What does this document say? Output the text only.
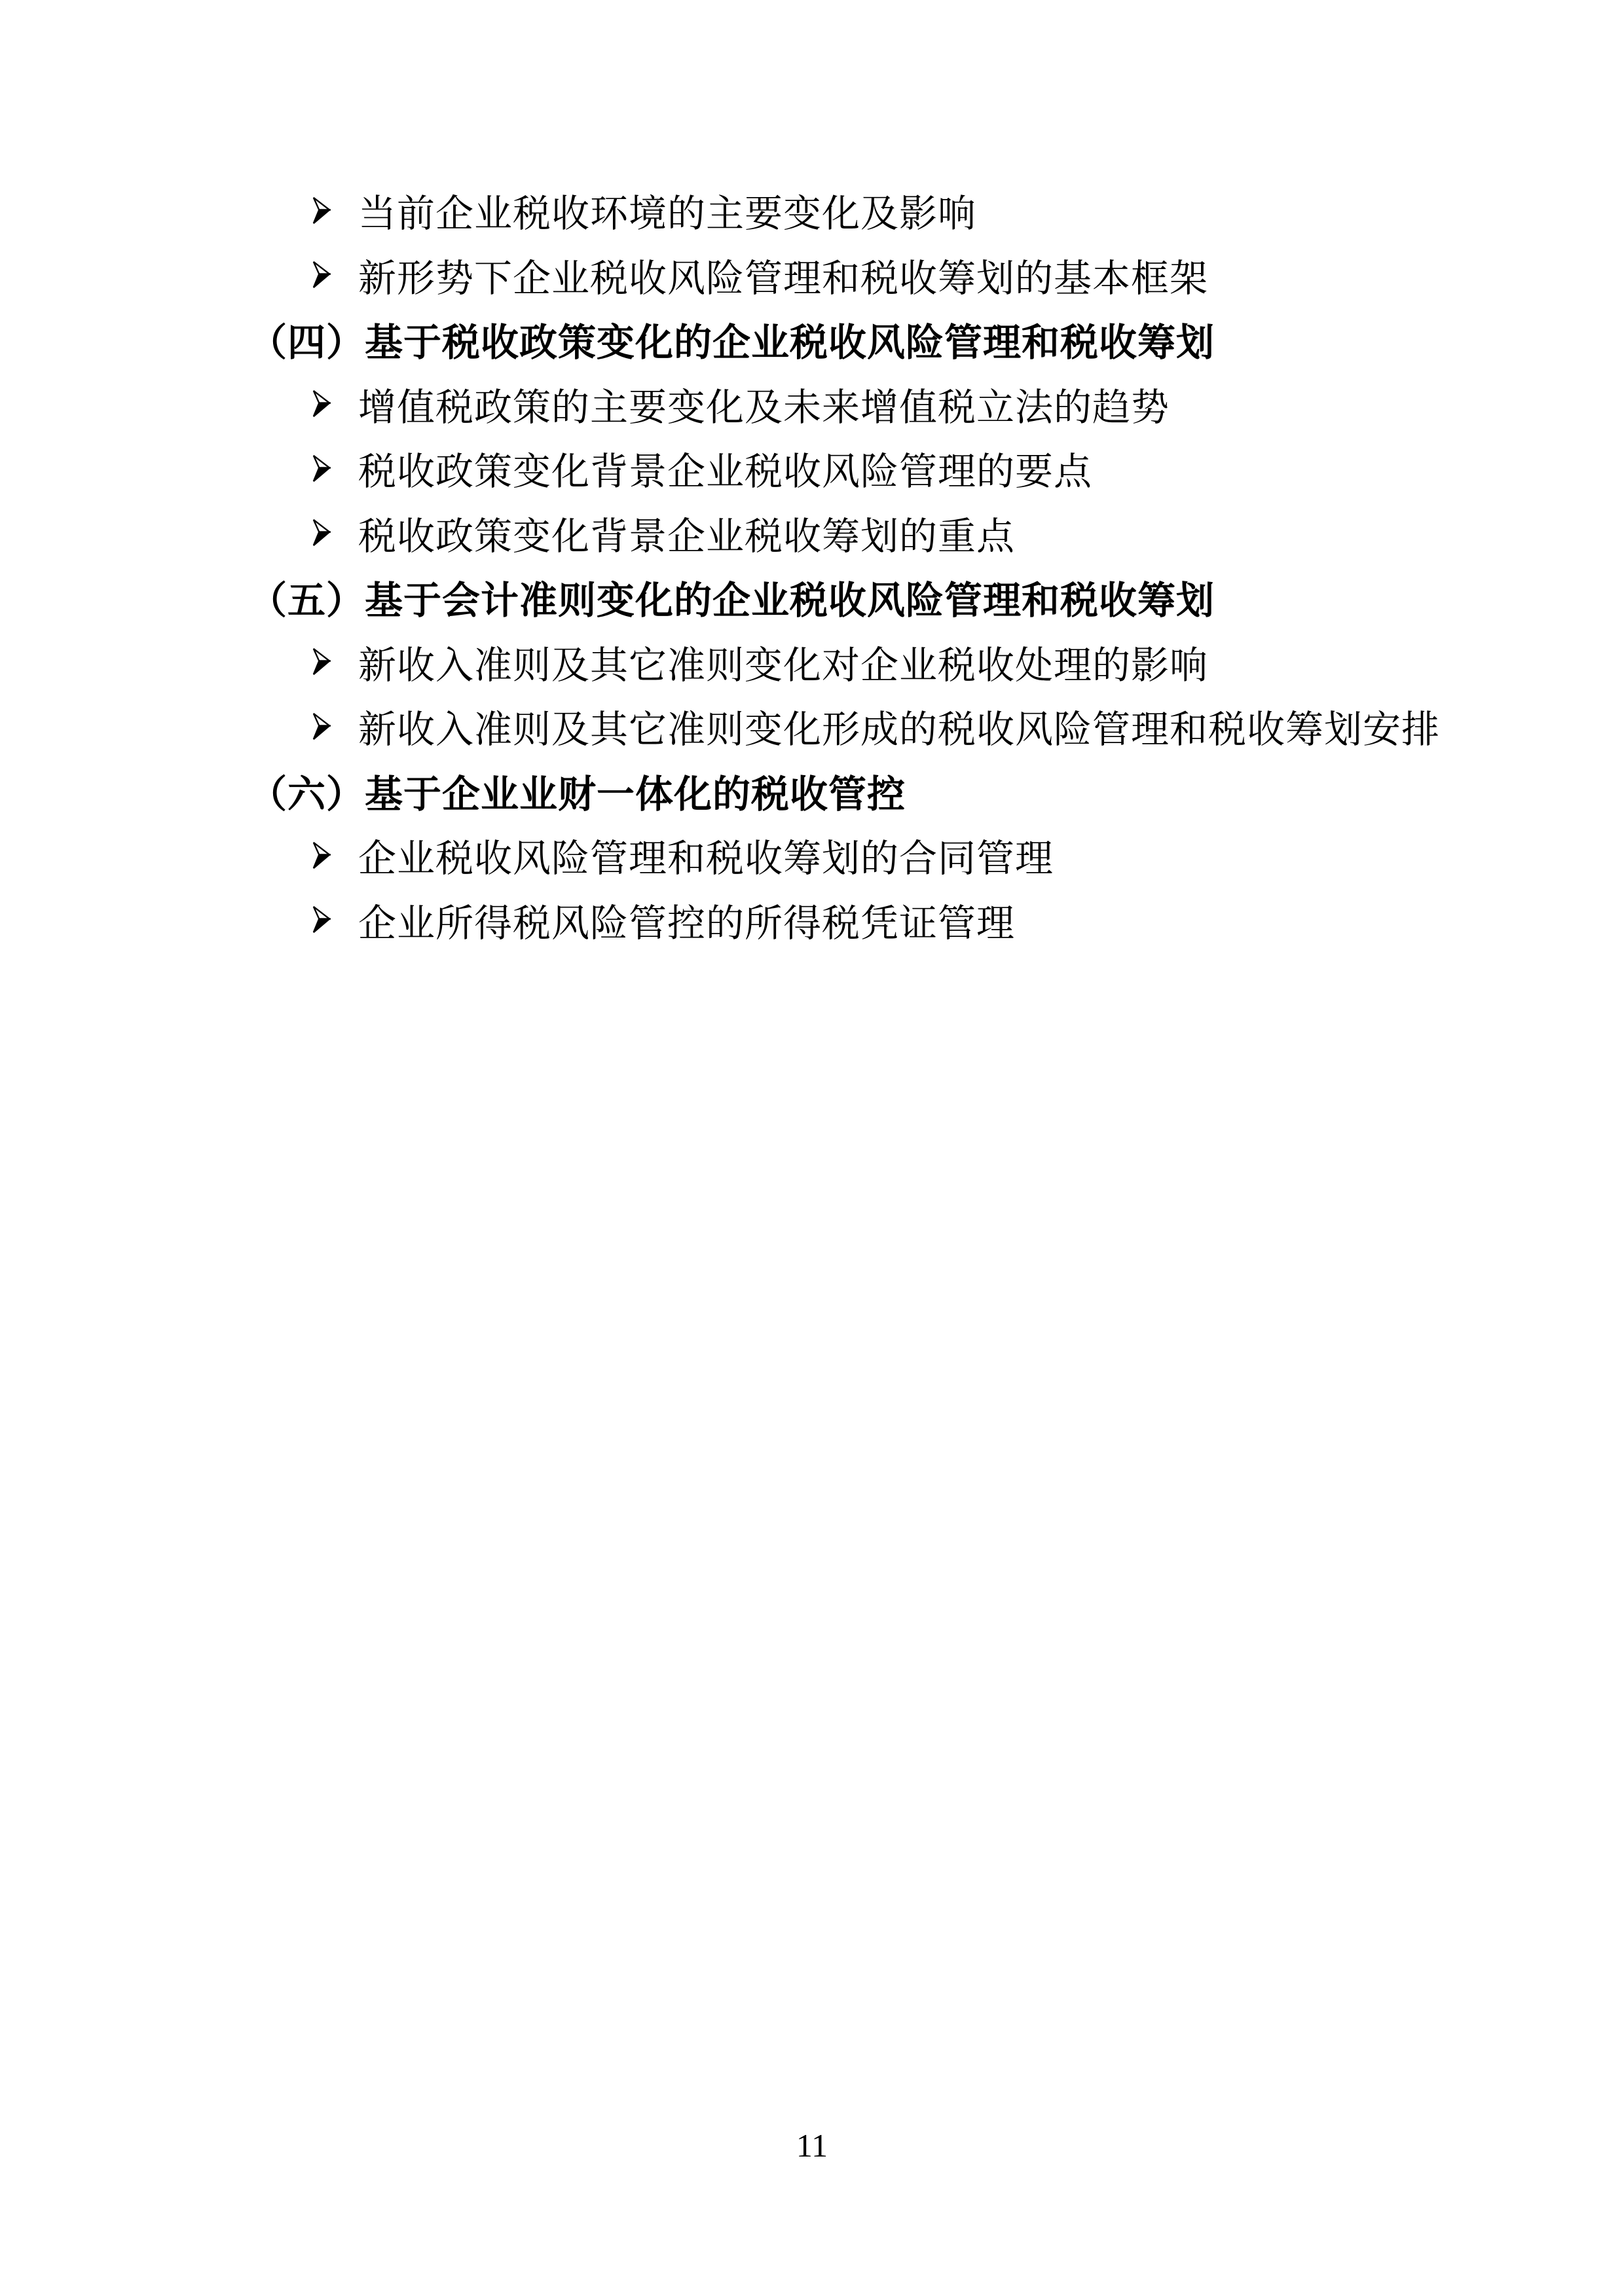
当前企业税收环境的主要变化及影响
新形势下企业税收风险管理和税收筹划的基本框架
（四） 基于税收政策变化的企业税收风险管理和税收筹划
增值税政策的主要变化及未来增值税立法的趋势
税收政策变化背景企业税收风险管理的要点
税收政策变化背景企业税收筹划的重点
（五） 基于会计准则变化的企业税收风险管理和税收筹划
新收入准则及其它准则变化对企业税收处理的影响
新收入准则及其它准则变化形成的税收风险管理和税收筹划安排
（六） 基于企业业财一体化的税收管控
企业税收风险管理和税收筹划的合同管理
企业所得税风险管控的所得税凭证管理
11
